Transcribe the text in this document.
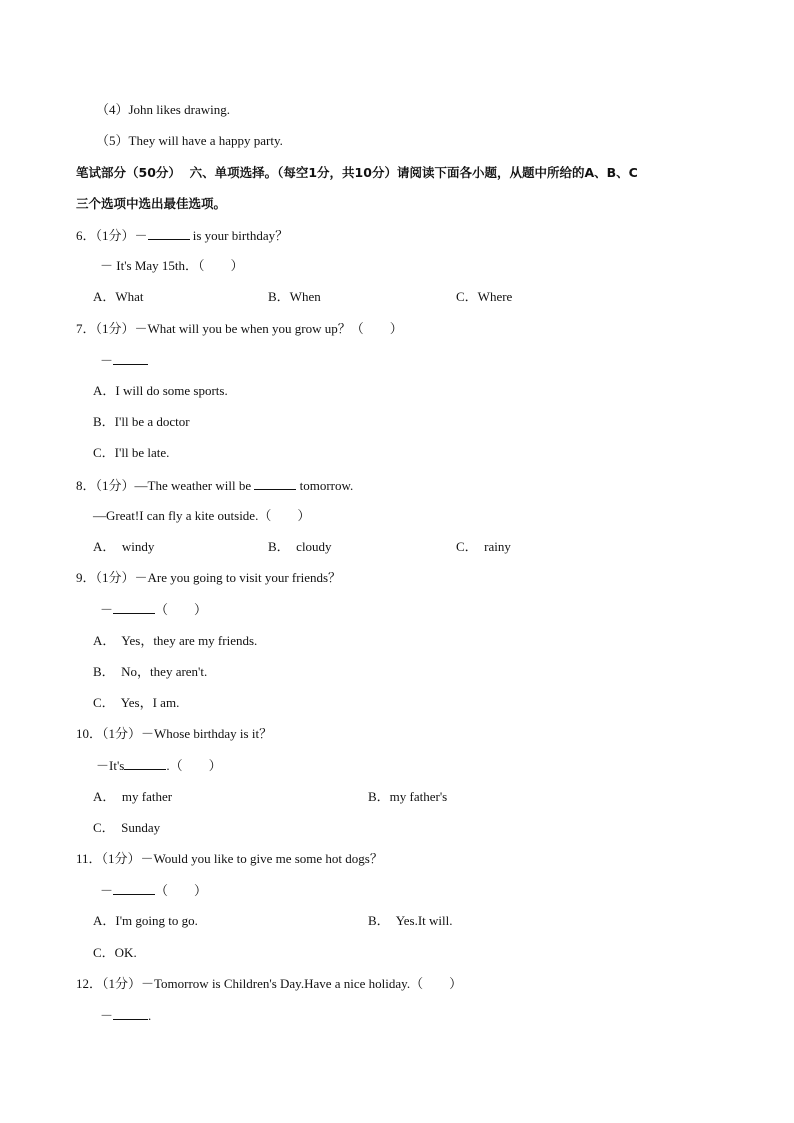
（4）John likes drawing.
（5）They will have a happy party.
笔试部分（50分）  六、单项选择。（每空1分，共10分）请阅读下面各小题，从题中所给的A、B、C
三个选项中选出最佳选项。
6．（1分）－	is your birthday？
－ It's May 15th．（　　）
A．What	B．When	C．Where
7．（1分）－What will you be when you grow up？（　　）
－
A．I will do some sports.
B．I'll be a doctor
C．I'll be late.
8．（1分）—The weather will be	tomorrow.
—Great!I can fly a kite outside.（　　）
A．  windy	B．  cloudy	C．  rainy
9．（1分）－Are you going to visit your friends？
－	（　　）
A．  Yes，they are my friends.
B．  No，they aren't.
C．  Yes，I am.
10．（1分）－Whose birthday is it？
－It's	.（　　）
A．  my father	B．my father's
C．  Sunday
11．（1分）－Would you like to give me some hot dogs？
－	（　　）
A．I'm going to go.	B．  Yes.It will.
C．OK.
12．（1分）－Tomorrow is Children's Day.Have a nice holiday.（　　）
－	.
